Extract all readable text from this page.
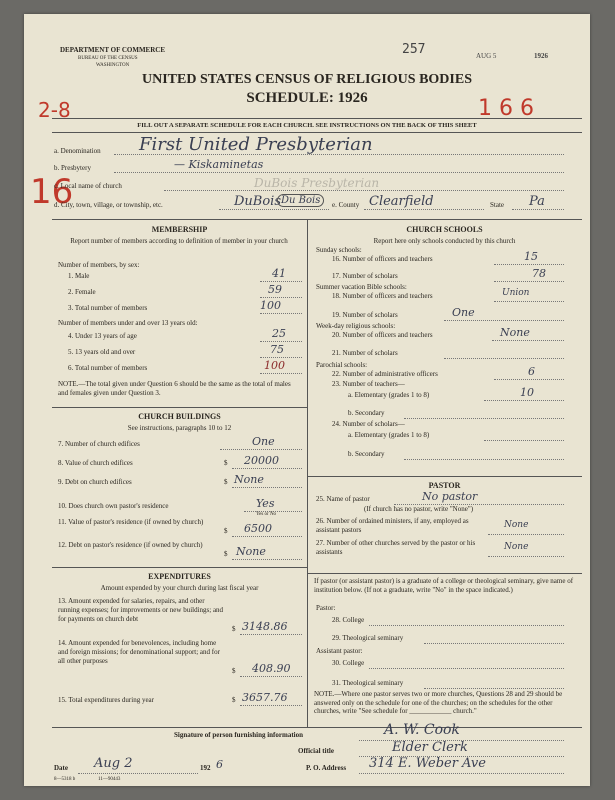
DEPARTMENT OF COMMERCE
BUREAU OF THE CENSUS
WASHINGTON
257	AUG 5	1926
UNITED STATES CENSUS OF RELIGIOUS BODIES
SCHEDULE: 1926
2-8	1 6 6
FILL OUT A SEPARATE SCHEDULE FOR EACH CHURCH. SEE INSTRUCTIONS ON THE BACK OF THIS SHEET
16
a. Denomination First United Presbyterian
b. Presbytery	— Kiskaminetas
c. Local name of church	DuBois Presbyterian
d. City, town, village, or township, etc.	DuBois Du Bois	e. County Clearfield	State Pa
MEMBERSHIP
Report number of members according to definition of member in your church
Number of members, by sex:
1. Male	41
2. Female	59
3. Total number of members	100
Number of members under and over 13 years old:
4. Under 13 years of age	25
5. 13 years old and over	75
6. Total number of members	100
NOTE.—The total given under Question 6 should be the same as the total of males and females given under Question 3.
CHURCH BUILDINGS
See instructions, paragraphs 10 to 12
7. Number of church edifices	One
8. Value of church edifices	$ 20000
9. Debt on church edifices	$ None
10. Does church own pastor's residence	Yes
Yes or No
11. Value of pastor's residence (if owned by church)
$ 6500
12. Debt on pastor's residence (if owned by church)
$ None
EXPENDITURES
Amount expended by your church during last fiscal year
13. Amount expended for salaries, repairs, and other running expenses; for improvements or new buildings; and for payments on church debt
$ 3148.86
14. Amount expended for benevolences, including home and foreign missions; for denominational support; and for all other purposes
$ 408.90
15. Total expenditures during year	$ 3657.76
CHURCH SCHOOLS
Report here only schools conducted by this church
Sunday schools:
16. Number of officers and teachers	15
17. Number of scholars	78
Summer vacation Bible schools:
18. Number of officers and teachers	Union
19. Number of scholars	One
Week-day religious schools:
20. Number of officers and teachers	None
21. Number of scholars
Parochial schools:
22. Number of administrative officers	6
23. Number of teachers—
a. Elementary (grades 1 to 8)	10
b. Secondary
24. Number of scholars—
a. Elementary (grades 1 to 8)
b. Secondary
PASTOR
25. Name of pastor	No pastor
(If church has no pastor, write "None")
26. Number of ordained ministers, if any, employed as assistant pastors	None
27. Number of other churches served by the pastor or his assistants	None
If pastor (or assistant pastor) is a graduate of a college or theological seminary, give name of institution below. (If not a graduate, write "No" in the space indicated.)
Pastor:
28. College
29. Theological seminary
Assistant pastor:
30. College
31. Theological seminary
NOTE.—Where one pastor serves two or more churches, Questions 28 and 29 should be answered only on the schedule for one of the churches; on the schedules for the other churches, write "See schedule for ____________ church."
Signature of person furnishing information	A. W. Cook
Official title	Elder Clerk
Date Aug 2	192 6	P. O. Address 314 E. Weber Ave
8—5318 b	11—90443
